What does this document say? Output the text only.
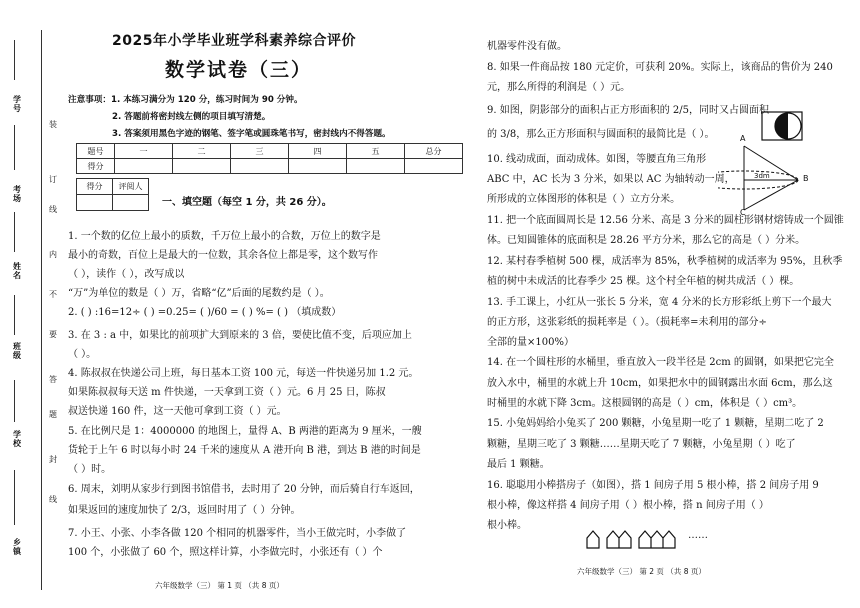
学号
考场
姓名
班级
学校
乡镇
装
订
线
内
不
要
答
题
封
线
2025年小学毕业班学科素养综合评价
数学试卷（三）
注意事项：1. 本练习满分为 120 分，练习时间为 90 分钟。
2. 答题前将密封线左侧的项目填写清楚。
3. 答案须用黑色字迹的钢笔、签字笔或圆珠笔书写，密封线内不得答题。
题号	一	二	三	四	五	总分
得分						
得分	评阅人

一、填空题（每空 1 分，共 26 分）。
1. 一个数的亿位上最小的质数，千万位上最小的合数，万位上的数字是
最小的奇数，百位上是最大的一位数，其余各位上都是零，这个数写作
（ ），读作（ ），改写成以
“万”为单位的数是（ ）万，省略“亿”后面的尾数约是（ ）。
2. ( ) :16=12÷ ( ) =0.25= ( )/60 = ( ) %= ( ) （填成数）
3. 在 3 : a 中，如果比的前项扩大到原来的 3 倍，要使比值不变，后项应加上
（ ）。
4. 陈叔叔在快递公司上班，每日基本工资 100 元，每送一件快递另加 1.2 元。
如果陈叔叔每天送 m 件快递，一天拿到工资（ ）元。6 月 25 日，陈叔
叔送快递 160 件，这一天他可拿到工资（ ）元。
5. 在比例尺是 1：4000000 的地图上，量得 A、B 两港的距离为 9 厘米，一艘
货轮于上午 6 时以每小时 24 千米的速度从 A 港开向 B 港，到达 B 港的时间是
（ ）时。
6. 周末，刘明从家步行到图书馆借书，去时用了 20 分钟，而后骑自行车返回，
如果返回的速度加快了 2/3，返回时用了（ ）分钟。
7. 小王、小张、小李各做 120 个相同的机器零件，当小王做完时，小李做了
100 个，小张做了 60 个，照这样计算，小李做完时，小张还有（ ）个
六年级数学（三） 第 1 页 （共 8 页）
机器零件没有做。
8. 如果一件商品按 180 元定价，可获利 20%。实际上，该商品的售价为 240
元，那么所得的利润是（ ）元。
9. 如图，阴影部分的面积占正方形面积的 2/5，同时又占圆面积
的 3/8，那么正方形面积与圆面积的最简比是（ ）。
10. 线动成面，面动成体。如图，等腰直角三角形
ABC 中，AC 长为 3 分米，如果以 AC 为轴转动一周，
所形成的立体图形的体积是（ ）立方分米。
11. 把一个底面圆周长是 12.56 分米、高是 3 分米的圆柱形钢材熔铸成一个圆锥
体。已知圆锥体的底面积是 28.26 平方分米，那么它的高是（ ）分米。
12. 某村春季植树 500 棵，成活率为 85%，秋季植树的成活率为 95%，且秋季
植的树中未成活的比春季少 25 棵。这个村全年植的树共成活（ ）棵。
13. 手工课上，小红从一张长 5 分米，宽 4 分米的长方形彩纸上剪下一个最大
的正方形，这张彩纸的损耗率是（ ）。（损耗率=未利用的部分÷
全部的量×100%）
14. 在一个圆柱形的水桶里，垂直放入一段半径是 2cm 的圆钢，如果把它完全
放入水中，桶里的水就上升 10cm，如果把水中的圆钢露出水面 6cm，那么这
时桶里的水就下降 3cm。这根圆钢的高是（ ）cm，体积是（ ）cm³。
15. 小兔妈妈给小兔买了 200 颗糖，小兔星期一吃了 1 颗糖，星期二吃了 2
颗糖，星期三吃了 3 颗糖……星期天吃了 7 颗糖，小兔星期（ ）吃了
最后 1 颗糖。
16. 聪聪用小棒搭房子（如图），搭 1 间房子用 5 根小棒，搭 2 间房子用 9
根小棒，像这样搭 4 间房子用（ ）根小棒，搭 n 间房子用（ ）
根小棒。
A
B
C
3dm
……
六年级数学（三） 第 2 页 （共 8 页）
